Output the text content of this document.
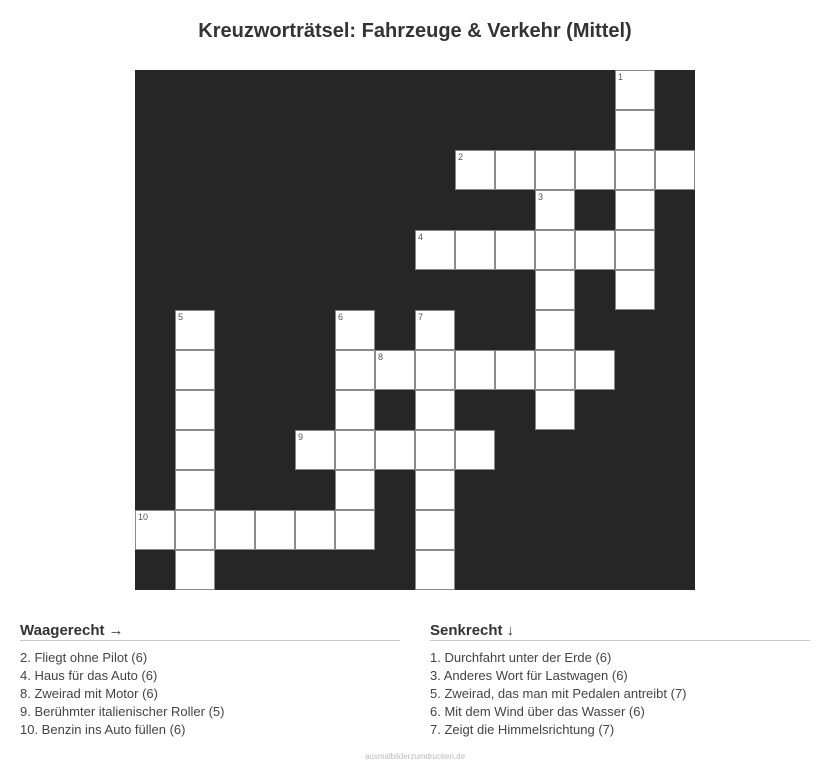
Kreuzworträtsel: Fahrzeuge & Verkehr (Mittel)
1
2
3
4
5	6	7
8
9
10
Waagerecht →
2. Fliegt ohne Pilot (6)
4. Haus für das Auto (6)
8. Zweirad mit Motor (6)
9. Berühmter italienischer Roller (5)
10. Benzin ins Auto füllen (6)
Senkrecht ↓
1. Durchfahrt unter der Erde (6)
3. Anderes Wort für Lastwagen (6)
5. Zweirad, das man mit Pedalen antreibt (7)
6. Mit dem Wind über das Wasser (6)
7. Zeigt die Himmelsrichtung (7)
ausmalbilderzumdrucken.de
